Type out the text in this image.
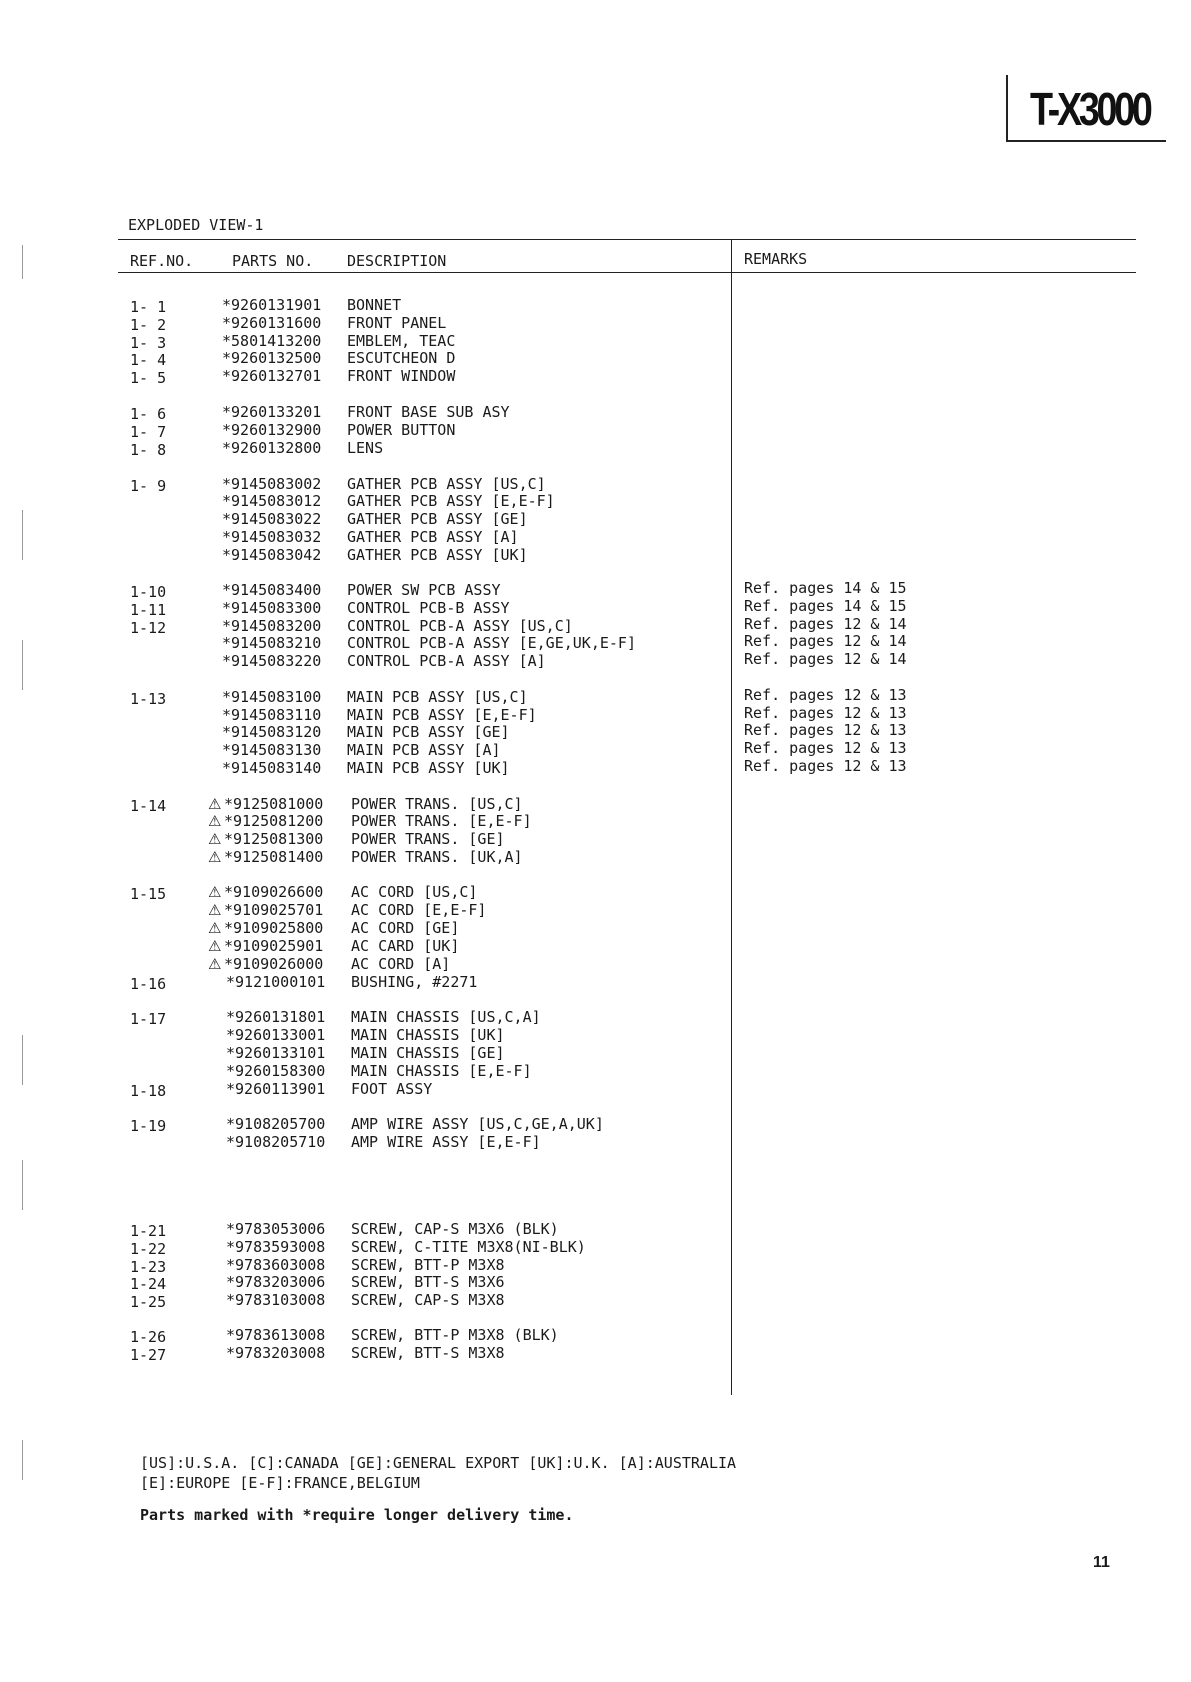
T-X3000
EXPLODED VIEW-1
REF.NO.	PARTS NO. DESCRIPTION	REMARKS
1- 1	*9260131901 BONNET
1- 2	*9260131600 FRONT PANEL
1- 3	*5801413200 EMBLEM, TEAC
1- 4	*9260132500 ESCUTCHEON D
1- 5	*9260132701 FRONT WINDOW
1- 6	*9260133201 FRONT BASE SUB ASY
1- 7	*9260132900 POWER BUTTON
1- 8	*9260132800 LENS
1- 9	*9145083002 GATHER PCB ASSY [US,C]
*9145083012 GATHER PCB ASSY [E,E-F]
*9145083022 GATHER PCB ASSY [GE]
*9145083032 GATHER PCB ASSY [A]
*9145083042 GATHER PCB ASSY [UK]
1-10	*9145083400 POWER SW PCB ASSY	Ref. pages 14 & 15
1-11	*9145083300 CONTROL PCB-B ASSY	Ref. pages 14 & 15
1-12	*9145083200 CONTROL PCB-A ASSY [US,C]	Ref. pages 12 & 14
*9145083210 CONTROL PCB-A ASSY [E,GE,UK,E-F]	Ref. pages 12 & 14
*9145083220 CONTROL PCB-A ASSY [A]	Ref. pages 12 & 14
1-13	*9145083100 MAIN PCB ASSY [US,C]	Ref. pages 12 & 13
*9145083110 MAIN PCB ASSY [E,E-F]	Ref. pages 12 & 13
*9145083120 MAIN PCB ASSY [GE]	Ref. pages 12 & 13
*9145083130 MAIN PCB ASSY [A]	Ref. pages 12 & 13
*9145083140 MAIN PCB ASSY [UK]	Ref. pages 12 & 13
1-14	⚠ *9125081000 POWER TRANS. [US,C]
⚠ *9125081200 POWER TRANS. [E,E-F]
⚠ *9125081300 POWER TRANS. [GE]
⚠ *9125081400 POWER TRANS. [UK,A]
1-15	⚠ *9109026600 AC CORD [US,C]
⚠ *9109025701 AC CORD [E,E-F]
⚠ *9109025800 AC CORD [GE]
⚠ *9109025901 AC CARD [UK]
⚠ *9109026000 AC CORD [A]
1-16	*9121000101 BUSHING, #2271
1-17	*9260131801 MAIN CHASSIS [US,C,A]
*9260133001 MAIN CHASSIS [UK]
*9260133101 MAIN CHASSIS [GE]
*9260158300 MAIN CHASSIS [E,E-F]
1-18	*9260113901 FOOT ASSY
1-19	*9108205700 AMP WIRE ASSY [US,C,GE,A,UK]
*9108205710 AMP WIRE ASSY [E,E-F]
1-21	*9783053006 SCREW, CAP-S M3X6 (BLK)
1-22	*9783593008 SCREW, C-TITE M3X8(NI-BLK)
1-23	*9783603008 SCREW, BTT-P M3X8
1-24	*9783203006 SCREW, BTT-S M3X6
1-25	*9783103008 SCREW, CAP-S M3X8
1-26	*9783613008 SCREW, BTT-P M3X8 (BLK)
1-27	*9783203008 SCREW, BTT-S M3X8
[US]:U.S.A. [C]:CANADA [GE]:GENERAL EXPORT [UK]:U.K. [A]:AUSTRALIA
[E]:EUROPE [E-F]:FRANCE,BELGIUM
Parts marked with *require longer delivery time.
11
